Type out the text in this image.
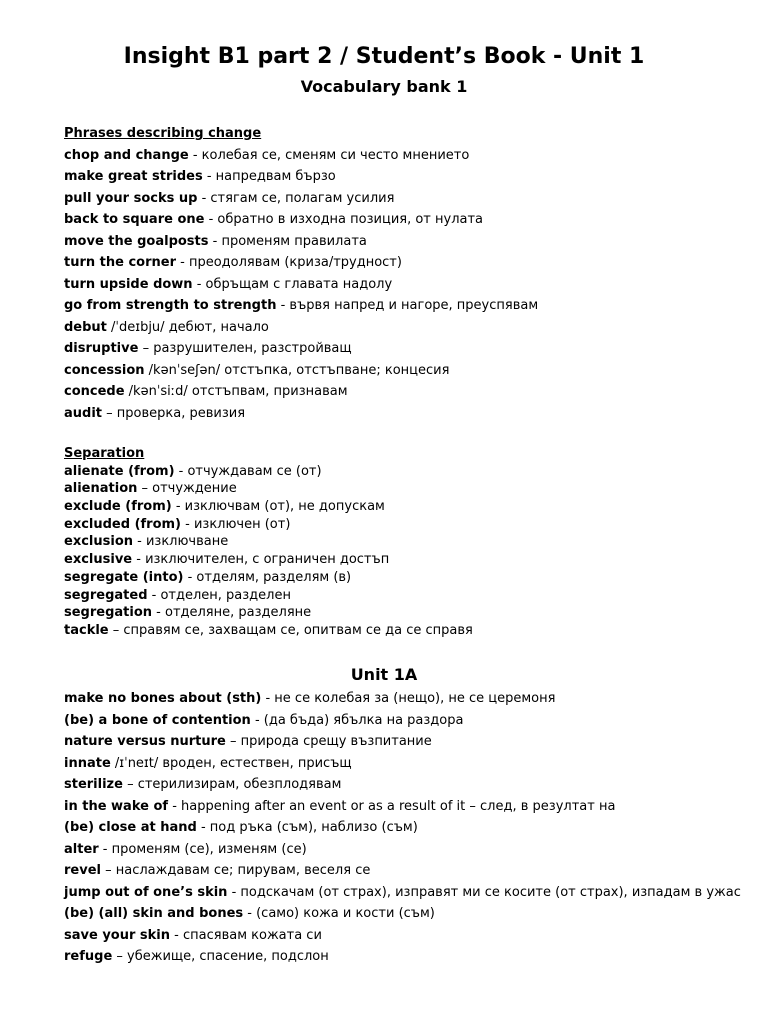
Insight B1 part 2 / Student’s Book - Unit 1
Vocabulary bank 1
Phrases describing change
chop and change - колебая се, сменям си често мнението
make great strides - напредвам бързо
pull your socks up - стягам се, полагам усилия
back to square one - обратно в изходна позиция, от нулата
move the goalposts - променям правилата
turn the corner - преодолявам (криза/труднoст)
turn upside down - обръщам с главата надолу
go from strength to strength - вървя напред и нагоре, преуспявам
debut /ˈdeɪbju/ дебют, начало
disruptive – разрушителен, разстройващ
concession /kənˈseʃən/ отстъпка, отстъпване; концесия
concede /kənˈsiːd/ отстъпвам, признавам
audit – проверка, ревизия
Separation
alienate (from) - отчуждавам се (от)
alienation – отчуждение
exclude (from) - изключвам (от), не допускам
excluded (from) - изключен (от)
exclusion - изключване
exclusive - изключителен, с ограничен достъп
segregate (into) - отделям, разделям (в)
segregated - отделен, разделен
segregation - отделяне, разделяне
tackle – справям се, захващам се, опитвам се да се справя
Unit 1A
make no bones about (sth) - не се колебая за (нещо), не се церемоня
(be) a bone of contention - (да бъда) ябълка на раздора
nature versus nurture – природа срещу възпитание
innate /ɪˈneɪt/ вроден, естествен, присъщ
sterilize – стерилизирам, обезплодявам
in the wake of - happening after an event or as a result of it – след, в резултат на
(be) close at hand - под ръка (съм), наблизо (съм)
alter - променям (се), изменям (се)
revel – наслаждавам се; пирувам, веселя се
jump out of one’s skin - подскачам (от страх), изправят ми се косите (от страх), изпадам в ужас
(be) (all) skin and bones - (само) кожа и кости (съм)
save your skin - спасявам кожата си
refuge – убежище, спасение, подслон
